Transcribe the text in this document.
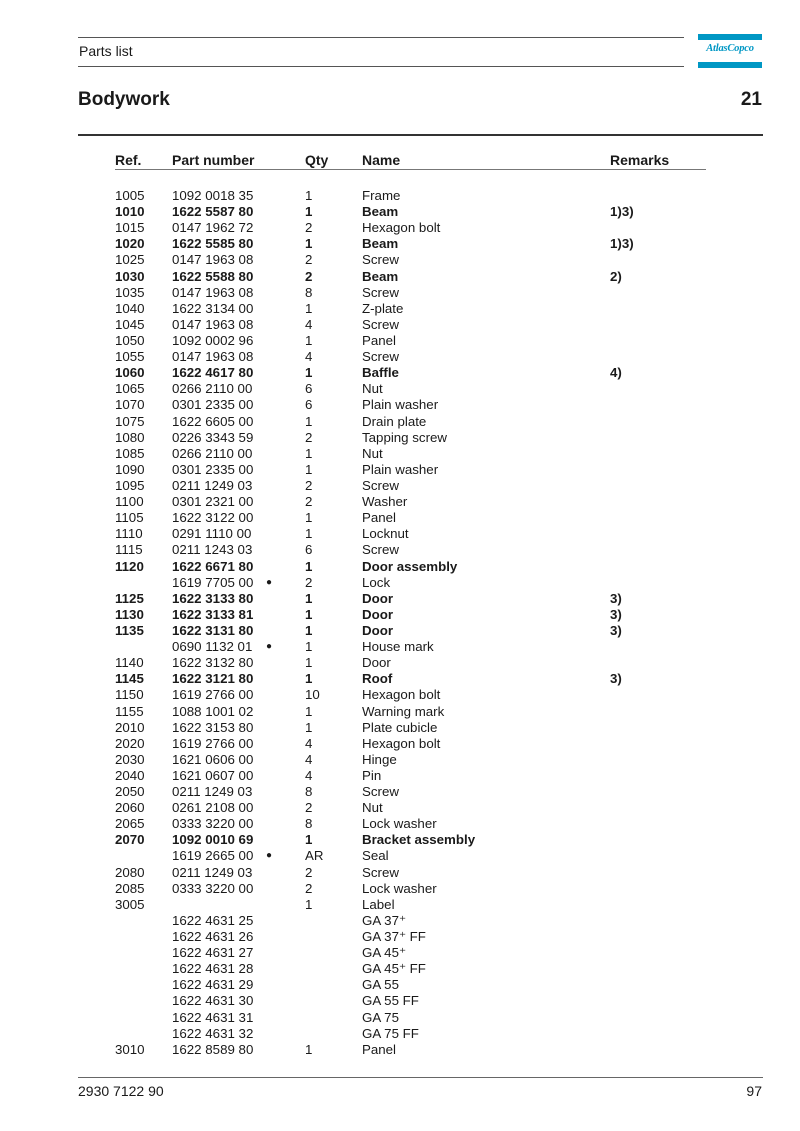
Parts list	AtlasCopco
Bodywork	21
Ref. Part number	Qty Name	Remarks
1005 1092 0018 35	1	Frame
1010 1622 5587 80	1	Beam	1)3)
1015 0147 1962 72	2	Hexagon bolt
1020 1622 5585 80	1	Beam	1)3)
1025 0147 1963 08	2	Screw
1030 1622 5588 80	2	Beam	2)
1035 0147 1963 08	8	Screw
1040 1622 3134 00	1	Z-plate
1045 0147 1963 08	4	Screw
1050 1092 0002 96	1	Panel
1055 0147 1963 08	4	Screw
1060 1622 4617 80	1	Baffle	4)
1065 0266 2110 00	6	Nut
1070 0301 2335 00	6	Plain washer
1075 1622 6605 00	1	Drain plate
1080 0226 3343 59	2	Tapping screw
1085 0266 2110 00	1	Nut
1090 0301 2335 00	1	Plain washer
1095 0211 1249 03	2	Screw
1100 0301 2321 00	2	Washer
1105 1622 3122 00	1	Panel
1110 0291 1110 00	1	Locknut
1115 0211 1243 03	6	Screw
1120 1622 6671 80	1	Door assembly
1619 7705 00 ● 2	Lock
1125 1622 3133 80	1	Door	3)
1130 1622 3133 81	1	Door	3)
1135 1622 3131 80	1	Door	3)
0690 1132 01 ● 1	House mark
1140 1622 3132 80	1	Door
1145 1622 3121 80	1	Roof	3)
1150 1619 2766 00	10	Hexagon bolt
1155 1088 1001 02	1	Warning mark
2010 1622 3153 80	1	Plate cubicle
2020 1619 2766 00	4	Hexagon bolt
2030 1621 0606 00	4	Hinge
2040 1621 0607 00	4	Pin
2050 0211 1249 03	8	Screw
2060 0261 2108 00	2	Nut
2065 0333 3220 00	8	Lock washer
2070 1092 0010 69	1	Bracket assembly
1619 2665 00 ● AR	Seal
2080 0211 1249 03	2	Screw
2085 0333 3220 00	2	Lock washer
3005	1	Label
1622 4631 25	GA 37⁺
1622 4631 26	GA 37⁺ FF
1622 4631 27	GA 45⁺
1622 4631 28	GA 45⁺ FF
1622 4631 29	GA 55
1622 4631 30	GA 55 FF
1622 4631 31	GA 75
1622 4631 32	GA 75 FF
3010 1622 8589 80	1	Panel
2930 7122 90	97
